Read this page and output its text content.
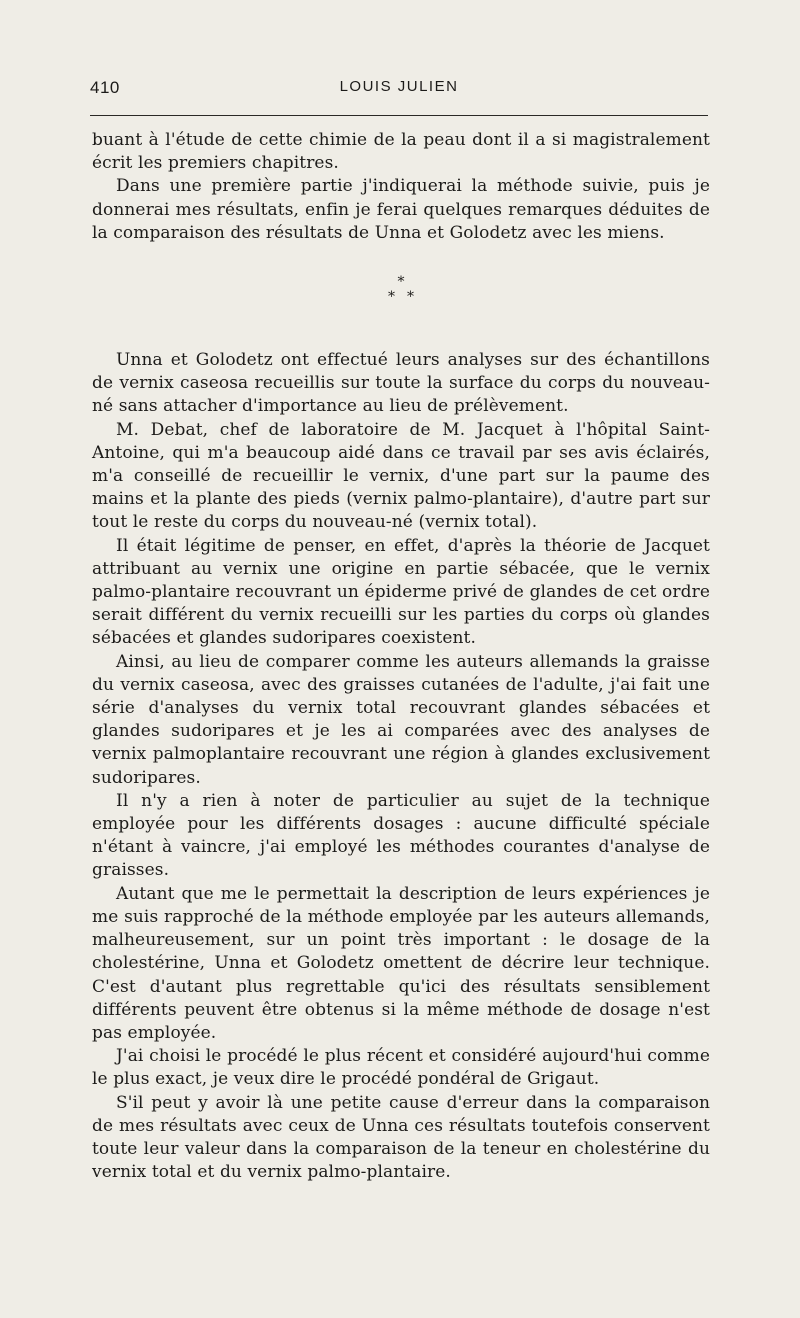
410	LOUIS JULIEN

buant à l'étude de cette chimie de la peau dont il a si magistralement écrit les premiers chapitres.

Dans une première partie j'indiquerai la méthode suivie, puis je donnerai mes résultats, enfin je ferai quelques remarques déduites de la comparaison des résultats de Unna et Golodetz avec les miens.

*
**

Unna et Golodetz ont effectué leurs analyses sur des échantillons de vernix caseosa recueillis sur toute la surface du corps du nouveau-né sans attacher d'importance au lieu de prélèvement.

M. Debat, chef de laboratoire de M. Jacquet à l'hôpital Saint-Antoine, qui m'a beaucoup aidé dans ce travail par ses avis éclairés, m'a conseillé de recueillir le vernix, d'une part sur la paume des mains et la plante des pieds (vernix palmo-plantaire), d'autre part sur tout le reste du corps du nouveau-né (vernix total).

Il était légitime de penser, en effet, d'après la théorie de Jacquet attribuant au vernix une origine en partie sébacée, que le vernix palmo-plantaire recouvrant un épiderme privé de glandes de cet ordre serait différent du vernix recueilli sur les parties du corps où glandes sébacées et glandes sudoripares coexistent.

Ainsi, au lieu de comparer comme les auteurs allemands la graisse du vernix caseosa, avec des graisses cutanées de l'adulte, j'ai fait une série d'analyses du vernix total recouvrant glandes sébacées et glandes sudoripares et je les ai comparées avec des analyses de vernix palmoplantaire recouvrant une région à glandes exclusivement sudoripares.

Il n'y a rien à noter de particulier au sujet de la technique employée pour les différents dosages : aucune difficulté spéciale n'étant à vaincre, j'ai employé les méthodes courantes d'analyse de graisses.

Autant que me le permettait la description de leurs expériences je me suis rapproché de la méthode employée par les auteurs allemands, malheureusement, sur un point très important : le dosage de la cholestérine, Unna et Golodetz omettent de décrire leur technique. C'est d'autant plus regrettable qu'ici des résultats sensiblement différents peuvent être obtenus si la même méthode de dosage n'est pas employée.

J'ai choisi le procédé le plus récent et considéré aujourd'hui comme le plus exact, je veux dire le procédé pondéral de Grigaut.

S'il peut y avoir là une petite cause d'erreur dans la comparaison de mes résultats avec ceux de Unna ces résultats toutefois conservent toute leur valeur dans la comparaison de la teneur en cholestérine du vernix total et du vernix palmo-plantaire.
